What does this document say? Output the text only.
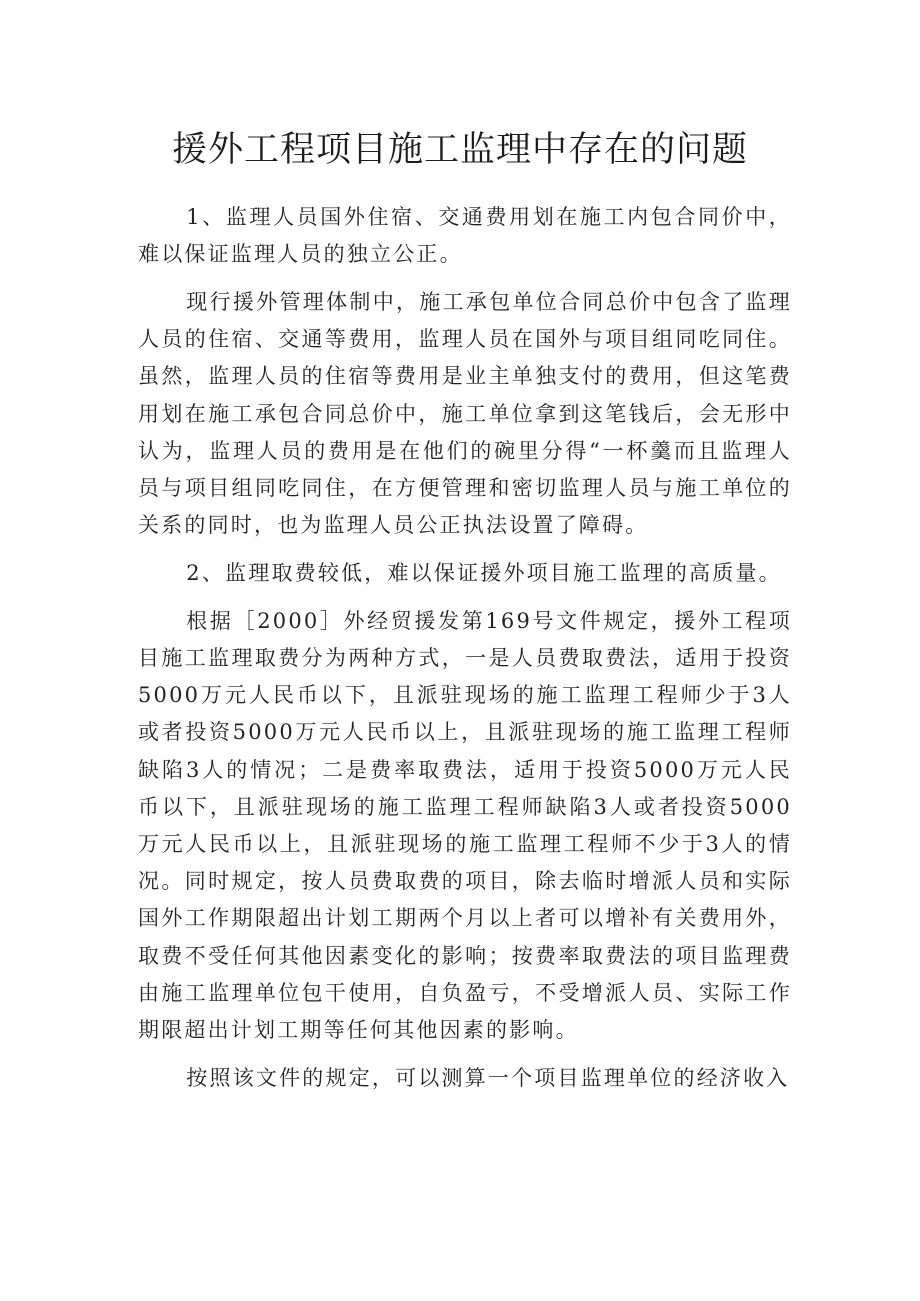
援外工程项目施工监理中存在的问题

1、监理人员国外住宿、交通费用划在施工内包合同价中，难以保证监理人员的独立公正。

现行援外管理体制中，施工承包单位合同总价中包含了监理人员的住宿、交通等费用，监理人员在国外与项目组同吃同住。虽然，监理人员的住宿等费用是业主单独支付的费用，但这笔费用划在施工承包合同总价中，施工单位拿到这笔钱后，会无形中认为，监理人员的费用是在他们的碗里分得“一杯羹而且监理人员与项目组同吃同住，在方便管理和密切监理人员与施工单位的关系的同时，也为监理人员公正执法设置了障碍。

2、监理取费较低，难以保证援外项目施工监理的高质量。

根据［2000］外经贸援发第169号文件规定，援外工程项目施工监理取费分为两种方式，一是人员费取费法，适用于投资5000万元人民币以下，且派驻现场的施工监理工程师少于3人或者投资5000万元人民币以上，且派驻现场的施工监理工程师缺陷3人的情况；二是费率取费法，适用于投资5000万元人民币以下，且派驻现场的施工监理工程师缺陷3人或者投资5000万元人民币以上，且派驻现场的施工监理工程师不少于3人的情况。同时规定，按人员费取费的项目，除去临时增派人员和实际国外工作期限超出计划工期两个月以上者可以增补有关费用外，取费不受任何其他因素变化的影响；按费率取费法的项目监理费由施工监理单位包干使用，自负盈亏，不受增派人员、实际工作期限超出计划工期等任何其他因素的影响。

按照该文件的规定，可以测算一个项目监理单位的经济收入
